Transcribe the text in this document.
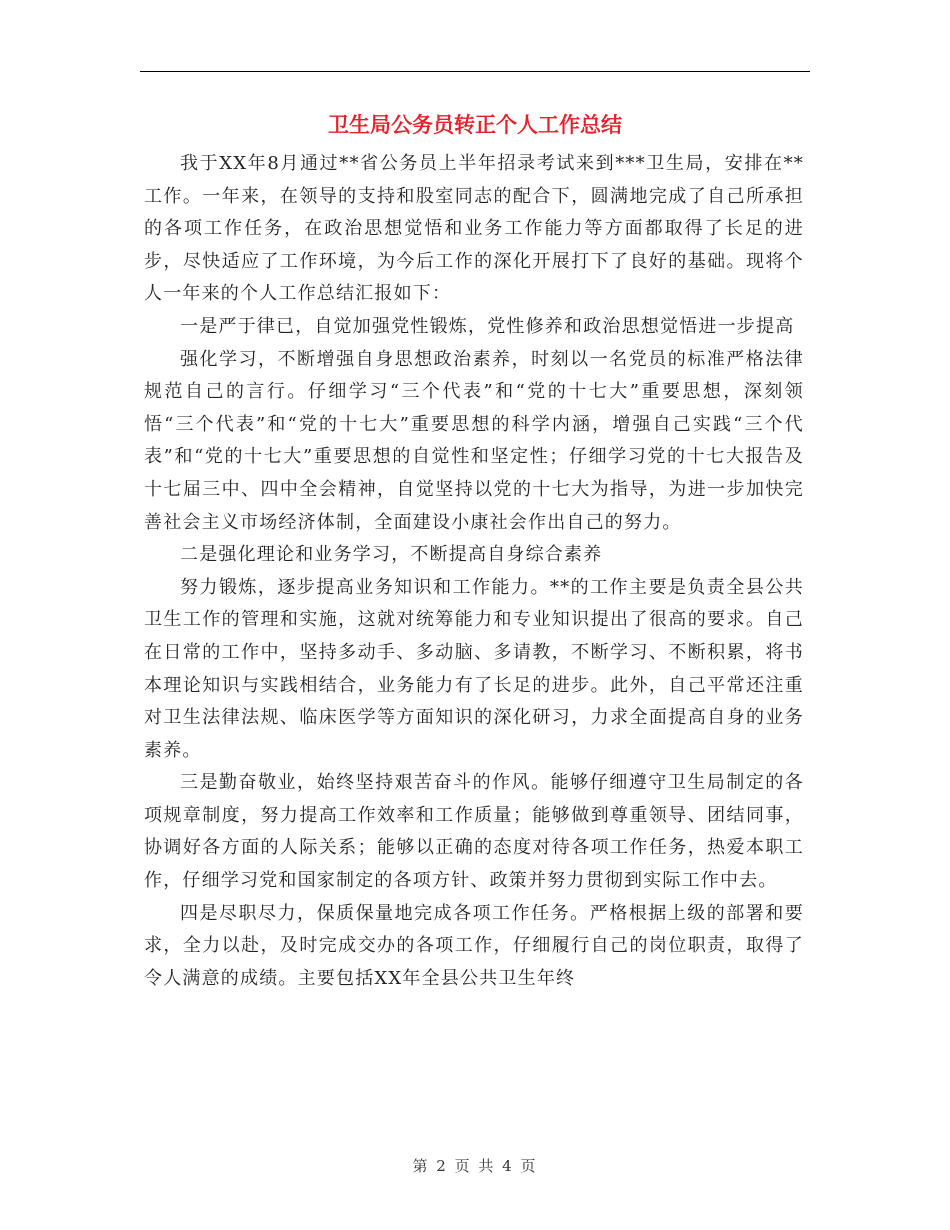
卫生局公务员转正个人工作总结

我于XX年8月通过**省公务员上半年招录考试来到***卫生局，安排在**工作。一年来，在领导的支持和股室同志的配合下，圆满地完成了自己所承担的各项工作任务，在政治思想觉悟和业务工作能力等方面都取得了长足的进步，尽快适应了工作环境，为今后工作的深化开展打下了良好的基础。现将个人一年来的个人工作总结汇报如下：

一是严于律已，自觉加强党性锻炼，党性修养和政治思想觉悟进一步提高

强化学习，不断增强自身思想政治素养，时刻以一名党员的标准严格法律规范自己的言行。仔细学习“三个代表”和“党的十七大”重要思想，深刻领悟“三个代表”和“党的十七大”重要思想的科学内涵，增强自己实践“三个代表”和“党的十七大”重要思想的自觉性和坚定性；仔细学习党的十七大报告及十七届三中、四中全会精神，自觉坚持以党的十七大为指导，为进一步加快完善社会主义市场经济体制，全面建设小康社会作出自己的努力。

二是强化理论和业务学习，不断提高自身综合素养

努力锻炼，逐步提高业务知识和工作能力。**的工作主要是负责全县公共卫生工作的管理和实施，这就对统筹能力和专业知识提出了很高的要求。自己在日常的工作中，坚持多动手、多动脑、多请教，不断学习、不断积累，将书本理论知识与实践相结合，业务能力有了长足的进步。此外，自己平常还注重对卫生法律法规、临床医学等方面知识的深化研习，力求全面提高自身的业务素养。

三是勤奋敬业，始终坚持艰苦奋斗的作风。能够仔细遵守卫生局制定的各项规章制度，努力提高工作效率和工作质量；能够做到尊重领导、团结同事，协调好各方面的人际关系；能够以正确的态度对待各项工作任务，热爱本职工作，仔细学习党和国家制定的各项方针、政策并努力贯彻到实际工作中去。

四是尽职尽力，保质保量地完成各项工作任务。严格根据上级的部署和要求，全力以赴，及时完成交办的各项工作，仔细履行自己的岗位职责，取得了令人满意的成绩。主要包括XX年全县公共卫生年终

第 2 页 共 4 页
